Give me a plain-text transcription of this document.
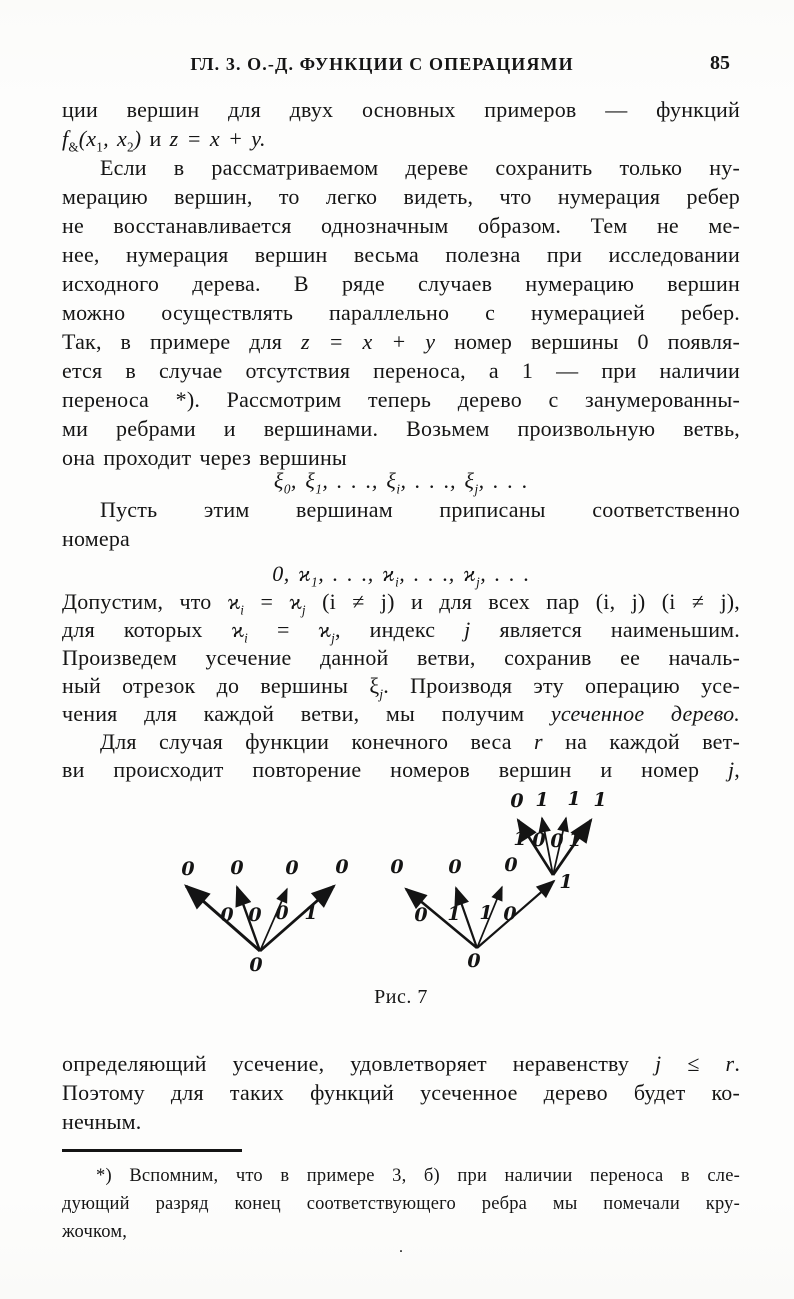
ГЛ. 3. О.-Д. ФУНКЦИИ С ОПЕРАЦИЯМИ	85
ции вершин для двух основных примеров — функций
$f_{\&}(x_1$, $x_2$) и z = x + y.
Если в рассматриваемом дереве сохранить только ну-
мерацию вершин, то легко видеть, что нумерация ребер
не восстанавливается однозначным образом. Тем не ме-
нее, нумерация вершин весьма полезна при исследовании
исходного дерева. В ряде случаев нумерацию вершин
можно осуществлять параллельно с нумерацией ребер.
Так, в примере для z = x + y номер вершины 0 появля-
ется в случае отсутствия переноса, а 1 — при наличии
переноса *). Рассмотрим теперь дерево с занумерованны-
ми ребрами и вершинами. Возьмем произвольную ветвь,
она проходит через вершины
$\xi_0$, $\xi_1$, . . ., $\xi_i$, . . ., $\xi_j$, . . .
Пусть этим вершинам приписаны соответственно
номера
0, $ϰ_1$, . . ., $ϰ_i$, . . ., $ϰ_j$, . . .
Допустим, что $ϰ_i = ϰ_j$ (i ≠ j) и для всех пар (i, j) (i ≠ j),
для которых $ϰ_i = ϰ_j$, индекс j является наименьшим.
Произведем усечение данной ветви, сохранив ее началь-
ный отрезок до вершины $\xi_j$. Производя эту операцию усе-
чения для каждой ветви, мы получим усеченное дерево.
Для случая функции конечного веса r на каждой вет-
ви происходит повторение номеров вершин и номер j,
0
0 0 0 0
0 0 0 1
0
0 0 0
1
0 1 1 0
0 1 1 1
1 0 0 1
Рис. 7
определяющий усечение, удовлетворяет неравенству j ≤ r.
Поэтому для таких функций усеченное дерево будет ко-
нечным.
*) Вспомним, что в примере 3, б) при наличии переноса в сле-
дующий разряд конец соответствующего ребра мы помечали кру-
жочком,
.
